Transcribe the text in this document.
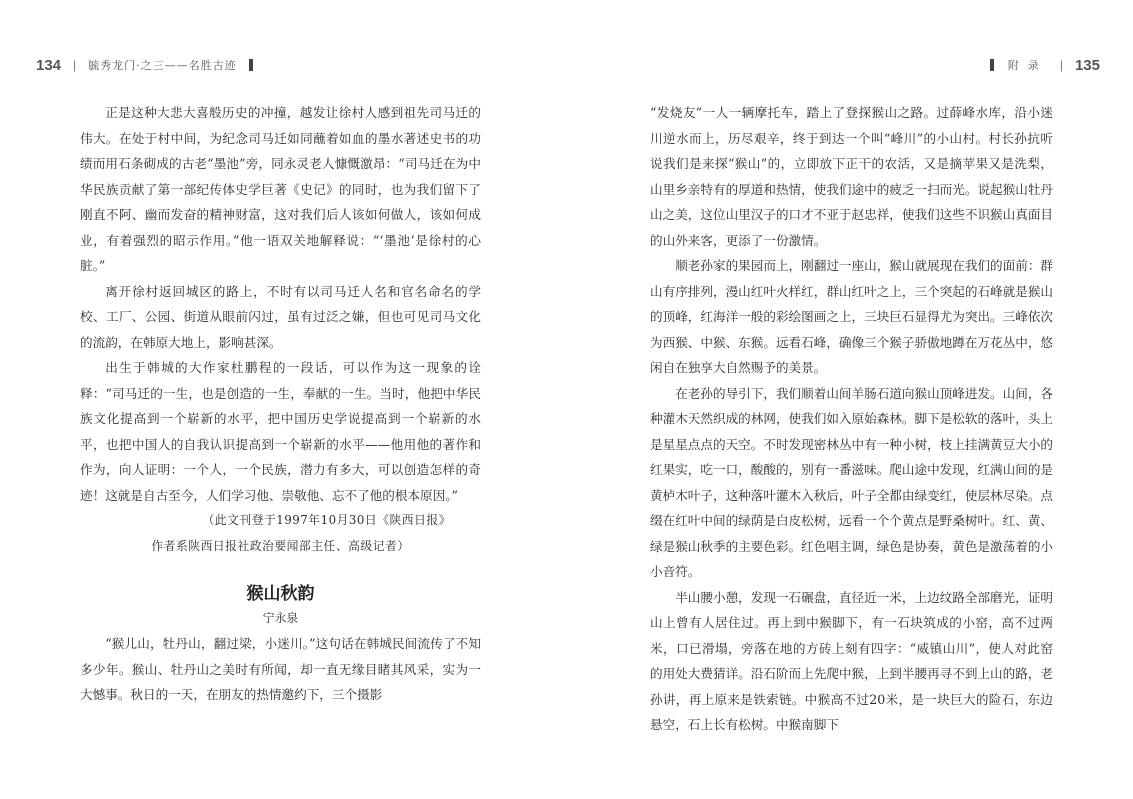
134 | 毓秀龙门·之三——名胜古迹

正是这种大悲大喜般历史的冲撞，越发让徐村人感到祖先司马迁的伟大。在处于村中间，为纪念司马迁如同蘸着如血的墨水著述史书的功绩而用石条砌成的古老“墨池”旁，同永灵老人慷慨激昂：“司马迁在为中华民族贡献了第一部纪传体史学巨著《史记》的同时，也为我们留下了刚直不阿、幽而发奋的精神财富，这对我们后人该如何做人，该如何成业，有着强烈的昭示作用。”他一语双关地解释说：“‘墨池’是徐村的心脏。”

离开徐村返回城区的路上，不时有以司马迁人名和官名命名的学校、工厂、公园、街道从眼前闪过，虽有过泛之嫌，但也可见司马文化的流韵，在韩原大地上，影响甚深。

出生于韩城的大作家杜鹏程的一段话，可以作为这一现象的诠释：“司马迁的一生，也是创造的一生，奉献的一生。当时，他把中华民族文化提高到一个崭新的水平，把中国历史学说提高到一个崭新的水平，也把中国人的自我认识提高到一个崭新的水平——他用他的著作和作为，向人证明：一个人，一个民族，潜力有多大，可以创造怎样的奇迹！这就是自古至今，人们学习他、崇敬他、忘不了他的根本原因。”

（此文刊登于1997年10月30日《陕西日报》
作者系陕西日报社政治要闻部主任、高级记者）
猴山秋韵
宁永泉

“猴儿山，牡丹山，翻过梁，小迷川。”这句话在韩城民间流传了不知多少年。猴山、牡丹山之美时有所闻，却一直无缘目睹其风采，实为一大憾事。秋日的一天，在朋友的热情邀约下，三个摄影

附录 | 135

“发烧友”一人一辆摩托车，踏上了登探猴山之路。过薛峰水库，沿小迷川逆水而上，历尽艰辛，终于到达一个叫“峰川”的小山村。村长孙抗听说我们是来探“猴山”的，立即放下正干的农活，又是摘苹果又是洗梨，山里乡亲特有的厚道和热情，使我们途中的疲乏一扫而光。说起猴山牡丹山之美，这位山里汉子的口才不亚于赵忠祥，使我们这些不识猴山真面目的山外来客，更添了一份激情。

顺老孙家的果园而上，刚翻过一座山，猴山就展现在我们的面前：群山有序排列，漫山红叶火样红，群山红叶之上，三个突起的石峰就是猴山的顶峰，红海洋一般的彩绘图画之上，三块巨石显得尤为突出。三峰依次为西猴、中猴、东猴。远看石峰，确像三个猴子骄傲地蹲在万花丛中，悠闲自在独享大自然赐予的美景。

在老孙的导引下，我们顺着山间羊肠石道向猴山顶峰进发。山间，各种灌木天然织成的林网，使我们如入原始森林。脚下是松软的落叶，头上是星星点点的天空。不时发现密林丛中有一种小树，枝上挂满黄豆大小的红果实，吃一口，酸酸的，别有一番滋味。爬山途中发现，红满山间的是黄栌木叶子，这种落叶灌木入秋后，叶子全都由绿变红，使层林尽染。点缀在红叶中间的绿荫是白皮松树，远看一个个黄点是野桑树叶。红、黄、绿是猴山秋季的主要色彩。红色唱主调，绿色是协奏，黄色是激荡着的小小音符。

半山腰小憩，发现一石碾盘，直径近一米，上边纹路全部磨光，证明山上曾有人居住过。再上到中猴脚下，有一石块筑成的小窑，高不过两米，口已滑塌，旁落在地的方砖上刻有四字：“威镇山川”，使人对此窑的用处大费猜详。沿石阶而上先爬中猴，上到半腰再寻不到上山的路，老孙讲，再上原来是铁索链。中猴高不过20米，是一块巨大的险石，东边悬空，石上长有松树。中猴南脚下
